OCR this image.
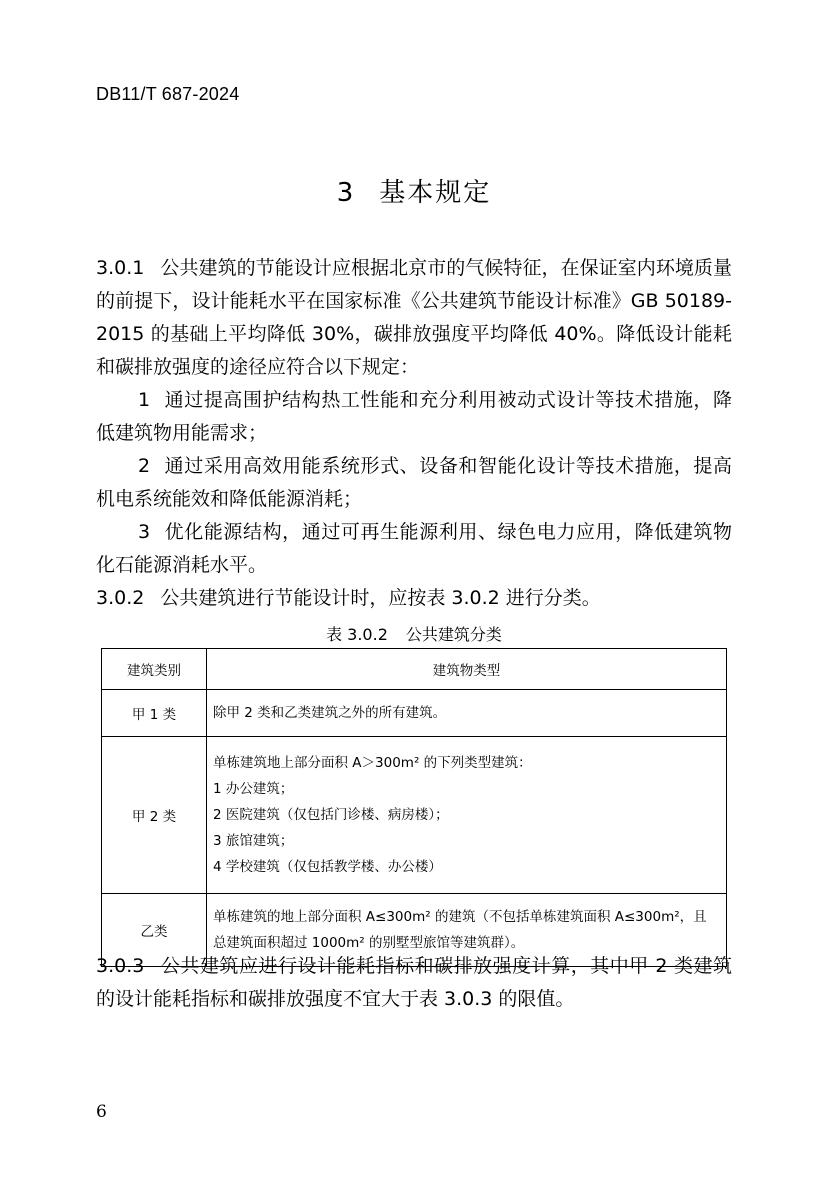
DB11/T 687-2024
3 基本规定

3.0.1 公共建筑的节能设计应根据北京市的气候特征，在保证室内环境质量的前提下，设计能耗水平在国家标准《公共建筑节能设计标准》GB 50189-2015 的基础上平均降低 30%，碳排放强度平均降低 40%。降低设计能耗和碳排放强度的途径应符合以下规定：

1 通过提高围护结构热工性能和充分利用被动式设计等技术措施，降低建筑物用能需求；

2 通过采用高效用能系统形式、设备和智能化设计等技术措施，提高机电系统能效和降低能源消耗；

3 优化能源结构，通过可再生能源利用、绿色电力应用，降低建筑物化石能源消耗水平。

3.0.2 公共建筑进行节能设计时，应按表 3.0.2 进行分类。

表 3.0.2 公共建筑分类
建筑类别	建筑物类型
甲 1 类	除甲 2 类和乙类建筑之外的所有建筑。

甲 2 类	单栋建筑地上部分面积 A＞300m² 的下列类型建筑：
1 办公建筑；
2 医院建筑（仅包括门诊楼、病房楼）；
3 旅馆建筑；
4 学校建筑（仅包括教学楼、办公楼）

乙类	单栋建筑的地上部分面积 A≤300m² 的建筑（不包括单栋建筑面积 A≤300m²，且总建筑面积超过 1000m² 的别墅型旅馆等建筑群）。

3.0.3 公共建筑应进行设计能耗指标和碳排放强度计算，其中甲 2 类建筑的设计能耗指标和碳排放强度不宜大于表 3.0.3 的限值。

6
